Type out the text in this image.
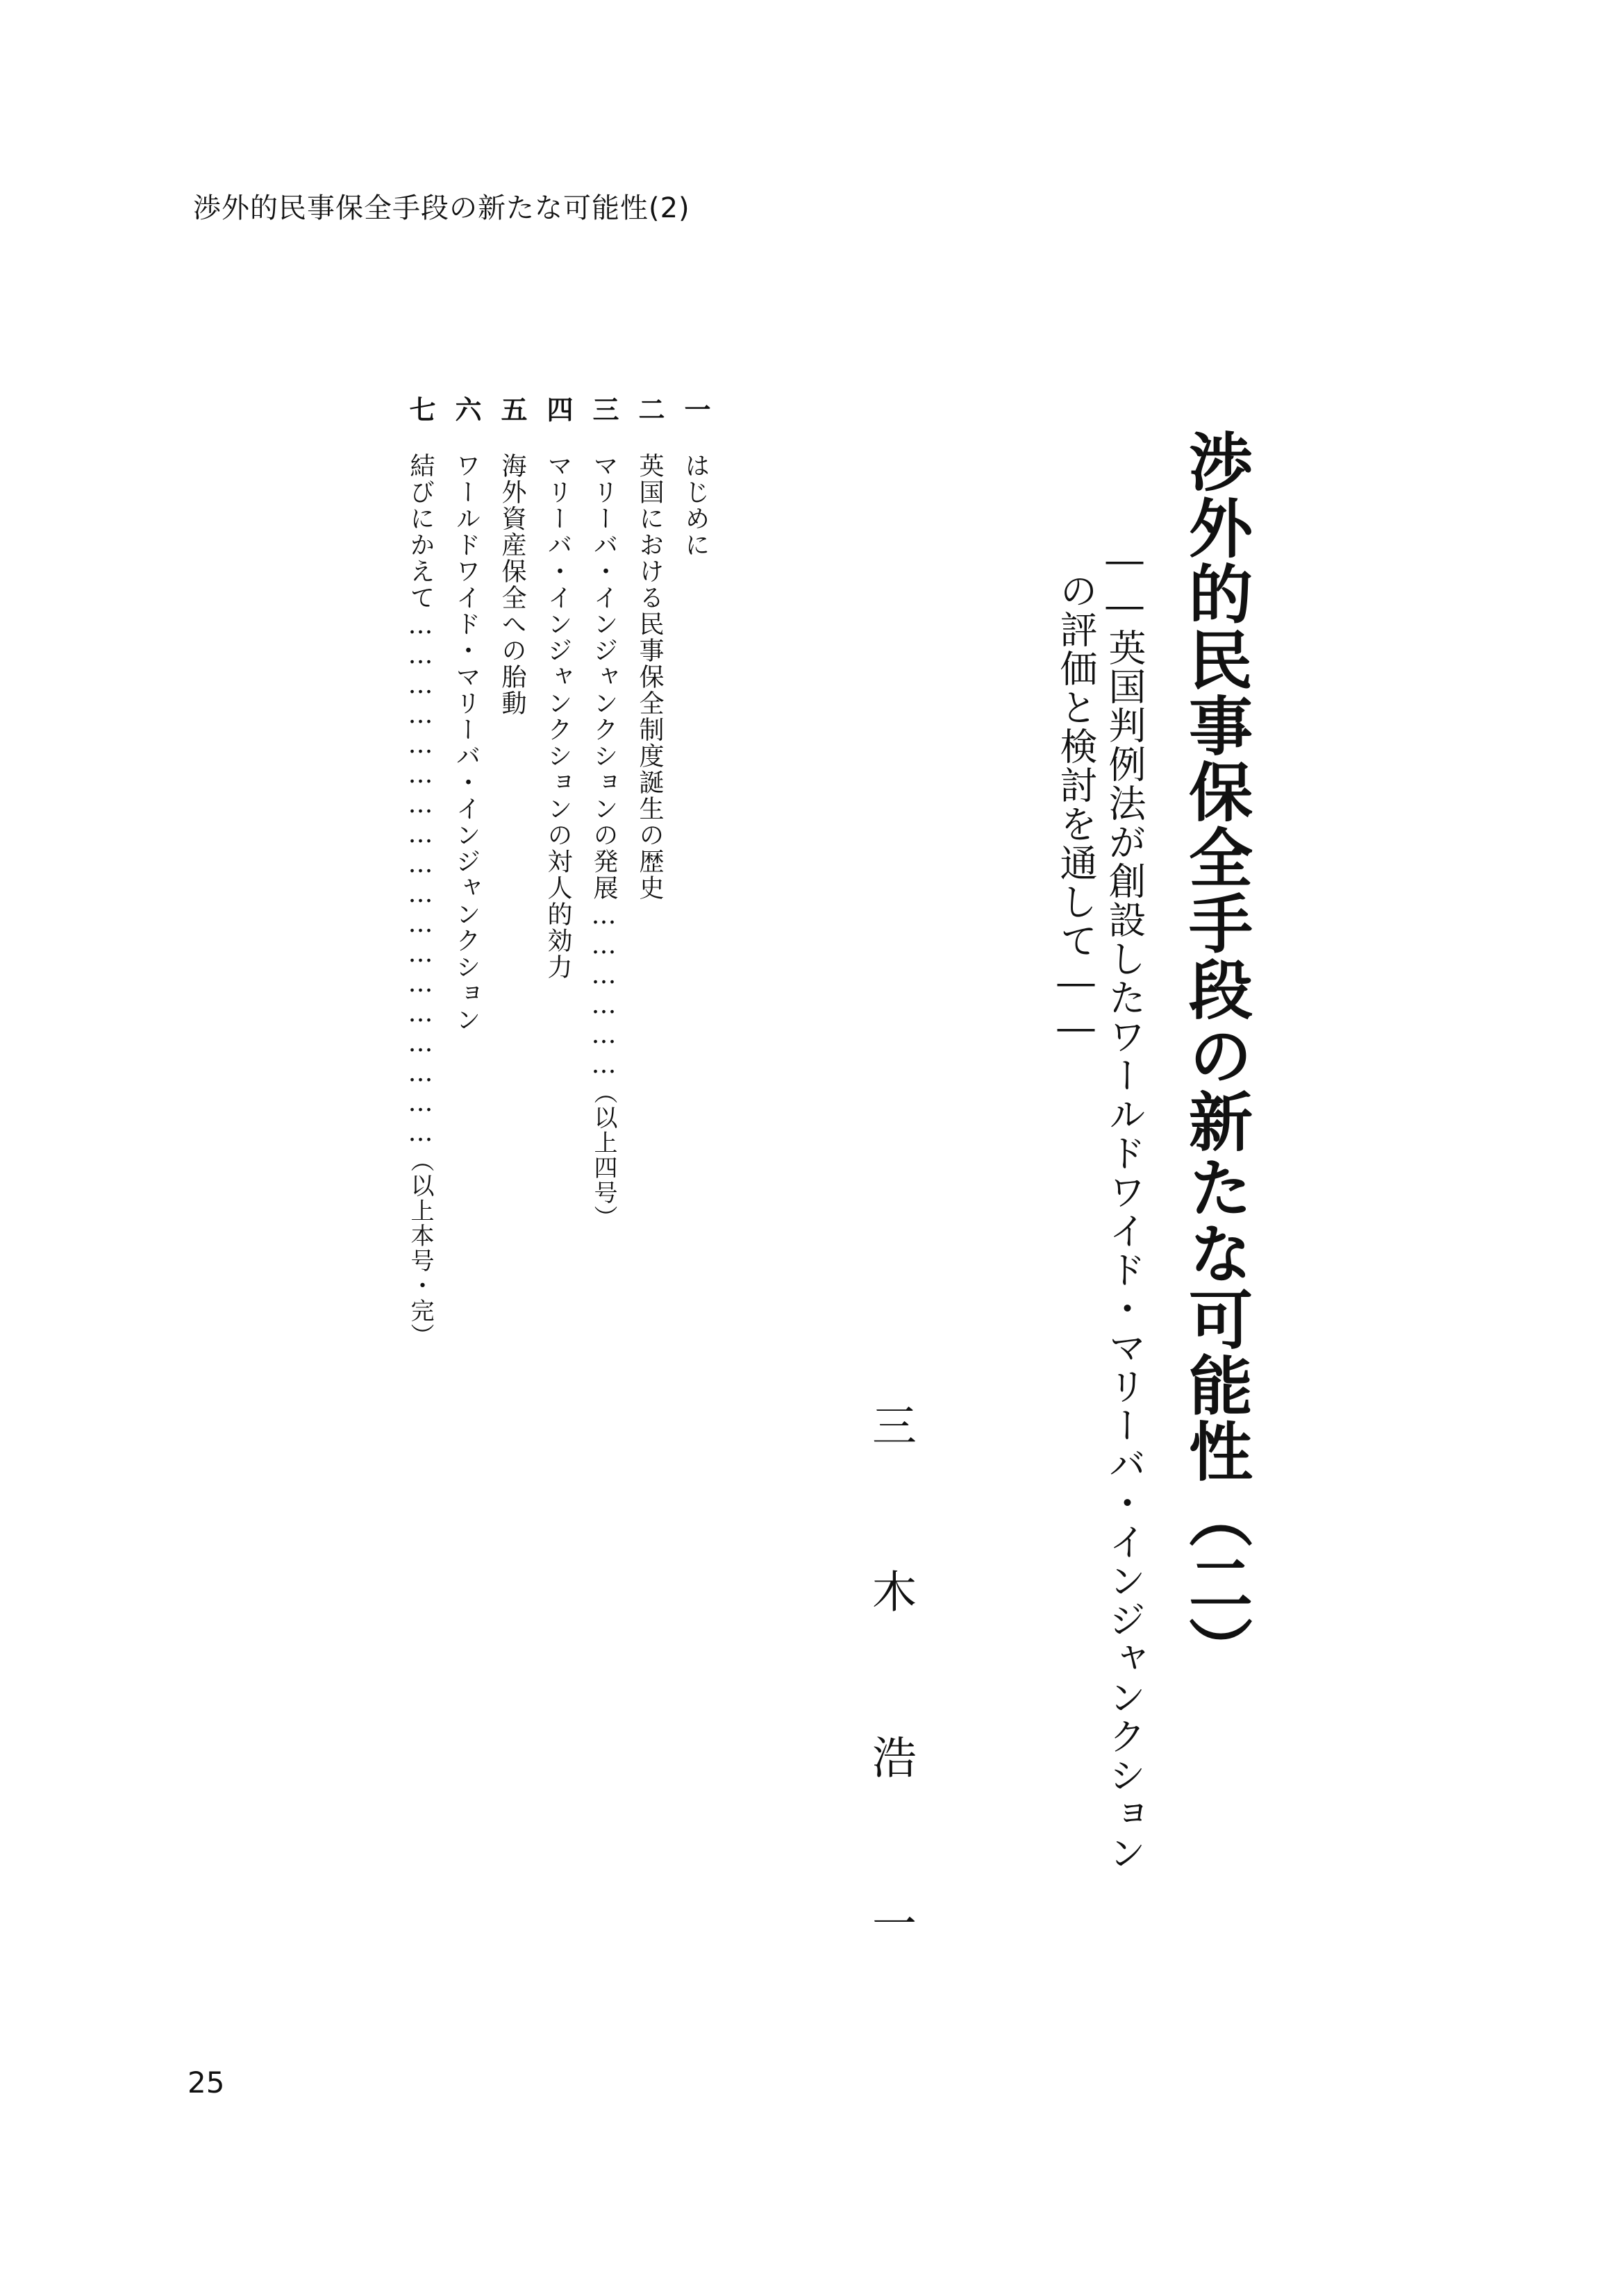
渉外的民事保全手段の新たな可能性(2)
渉外的民事保全手段の新たな可能性（二）
――英国判例法が創設したワールドワイド・マリーバ・インジャンクション
の評価と検討を通して――
三木浩一
一
はじめに
二
英国における民事保全制度誕生の歴史
三
マリーバ・インジャンクションの発展………………
（以上四号）
四
マリーバ・インジャンクションの対人的効力
五
海外資産保全への胎動
六
ワールドワイド・マリーバ・インジャンクション
七
結びにかえて………………………………………………
（以上本号・完）
25
